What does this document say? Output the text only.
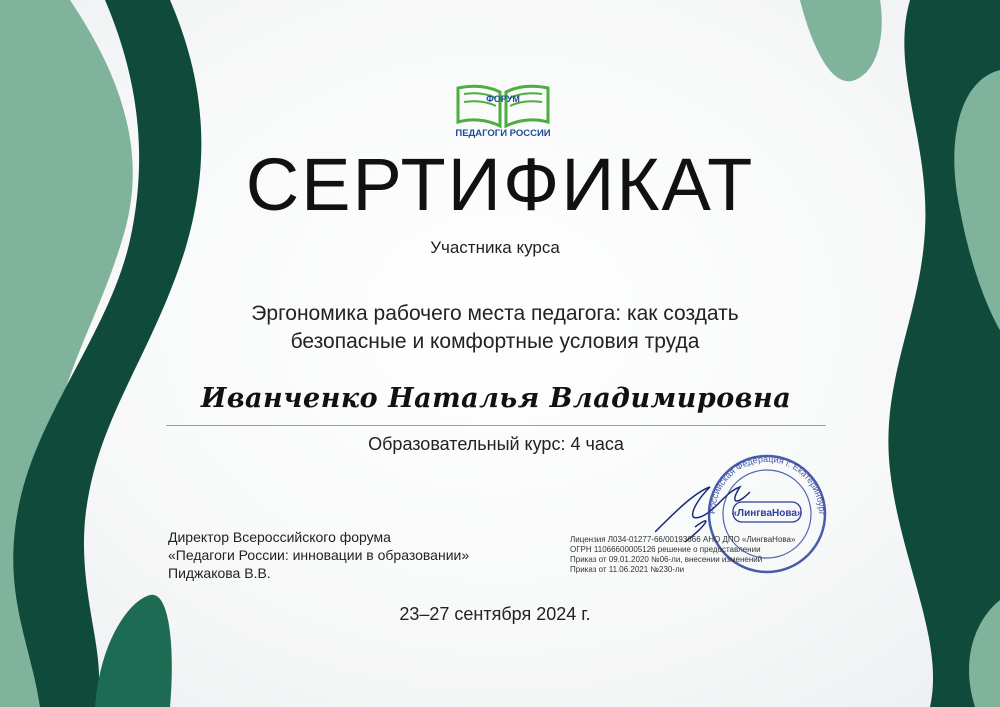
ФОРУМ
ПЕДАГОГИ РОССИИ
СЕРТИФИКАТ
Участника курса
Эргономика рабочего места педагога: как создать
безопасные и комфортные условия труда
Иванченко Наталья Владимировна
Образовательный курс: 4 часа
Российская Федерация г. Екатеринбург
«ЛингваНова»
Директор Всероссийского форума
«Педагоги России: инновации в образовании»
Пиджакова В.В.
Лицензия Л034-01277-66/00193666 АНО ДПО «ЛингваНова»
ОГРН 11066600005126 решение о предоставлении
Приказ от 09.01.2020 №06-ли, внесении изменений
Приказ от 11.06.2021 №230-ли
23–27 сентября 2024 г.
